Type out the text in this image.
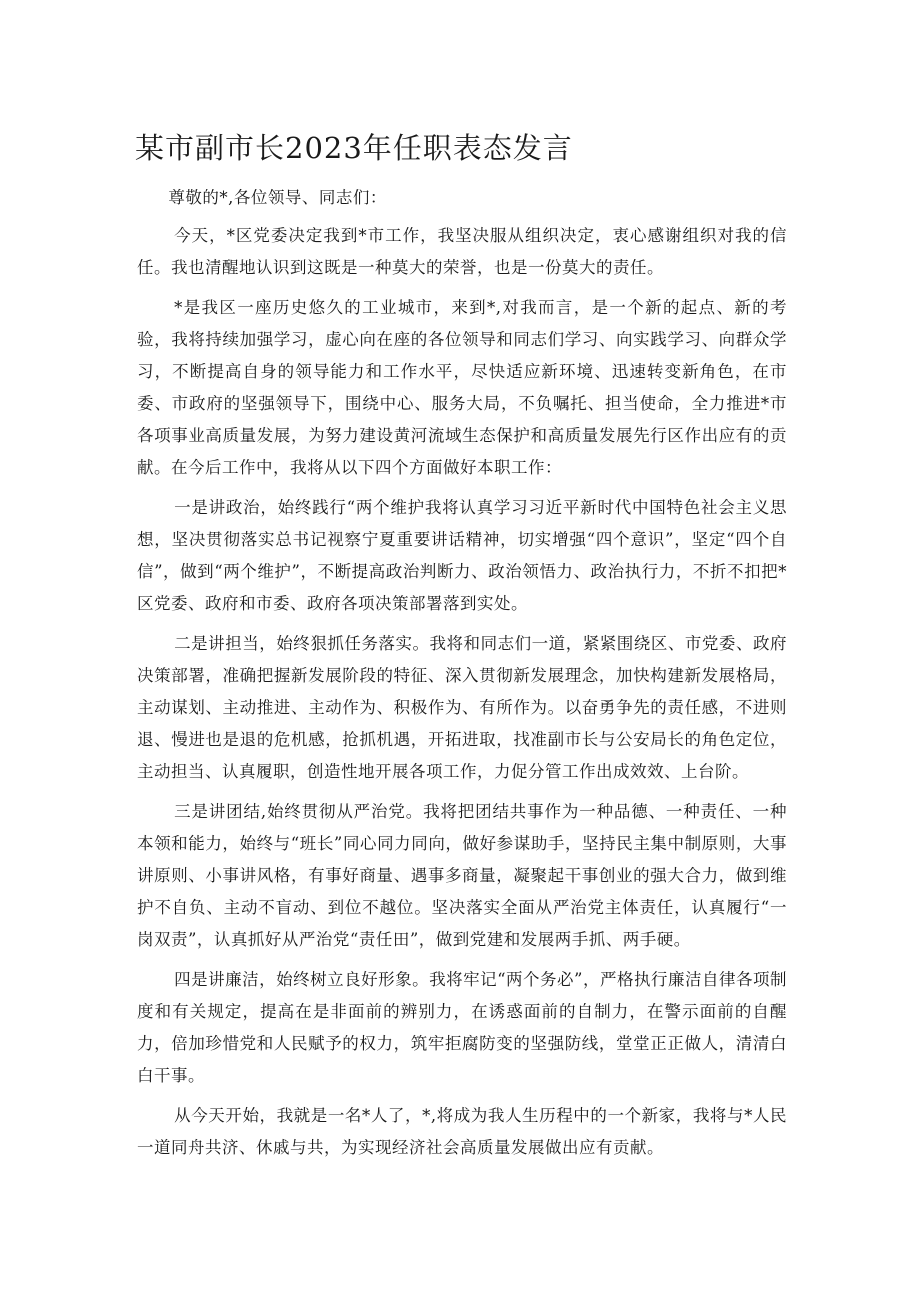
某市副市长2023年任职表态发言

尊敬的*,各位领导、同志们：

今天，*区党委决定我到*市工作，我坚决服从组织决定，衷心感谢组织对我的信任。我也清醒地认识到这既是一种莫大的荣誉，也是一份莫大的责任。

*是我区一座历史悠久的工业城市，来到*,对我而言，是一个新的起点、新的考验，我将持续加强学习，虚心向在座的各位领导和同志们学习、向实践学习、向群众学习，不断提高自身的领导能力和工作水平，尽快适应新环境、迅速转变新角色，在市委、市政府的坚强领导下，围绕中心、服务大局，不负嘱托、担当使命，全力推进*市各项事业高质量发展，为努力建设黄河流域生态保护和高质量发展先行区作出应有的贡献。在今后工作中，我将从以下四个方面做好本职工作：

一是讲政治，始终践行“两个维护我将认真学习习近平新时代中国特色社会主义思想，坚决贯彻落实总书记视察宁夏重要讲话精神，切实增强“四个意识”，坚定“四个自信”，做到“两个维护”，不断提高政治判断力、政治领悟力、政治执行力，不折不扣把*区党委、政府和市委、政府各项决策部署落到实处。

二是讲担当，始终狠抓任务落实。我将和同志们一道，紧紧围绕区、市党委、政府决策部署，准确把握新发展阶段的特征、深入贯彻新发展理念，加快构建新发展格局，主动谋划、主动推进、主动作为、积极作为、有所作为。以奋勇争先的责任感，不进则退、慢进也是退的危机感，抢抓机遇，开拓进取，找准副市长与公安局长的角色定位，主动担当、认真履职，创造性地开展各项工作，力促分管工作出成效效、上台阶。

三是讲团结,始终贯彻从严治党。我将把团结共事作为一种品德、一种责任、一种本领和能力，始终与“班长”同心同力同向，做好参谋助手，坚持民主集中制原则，大事讲原则、小事讲风格，有事好商量、遇事多商量，凝聚起干事创业的强大合力，做到维护不自负、主动不盲动、到位不越位。坚决落实全面从严治党主体责任，认真履行“一岗双责”，认真抓好从严治党“责任田”，做到党建和发展两手抓、两手硬。

四是讲廉洁，始终树立良好形象。我将牢记“两个务必”，严格执行廉洁自律各项制度和有关规定，提高在是非面前的辨别力，在诱惑面前的自制力，在警示面前的自醒力，倍加珍惜党和人民赋予的权力，筑牢拒腐防变的坚强防线，堂堂正正做人，清清白白干事。

从今天开始，我就是一名*人了，*,将成为我人生历程中的一个新家，我将与*人民一道同舟共济、休戚与共，为实现经济社会高质量发展做出应有贡献。
